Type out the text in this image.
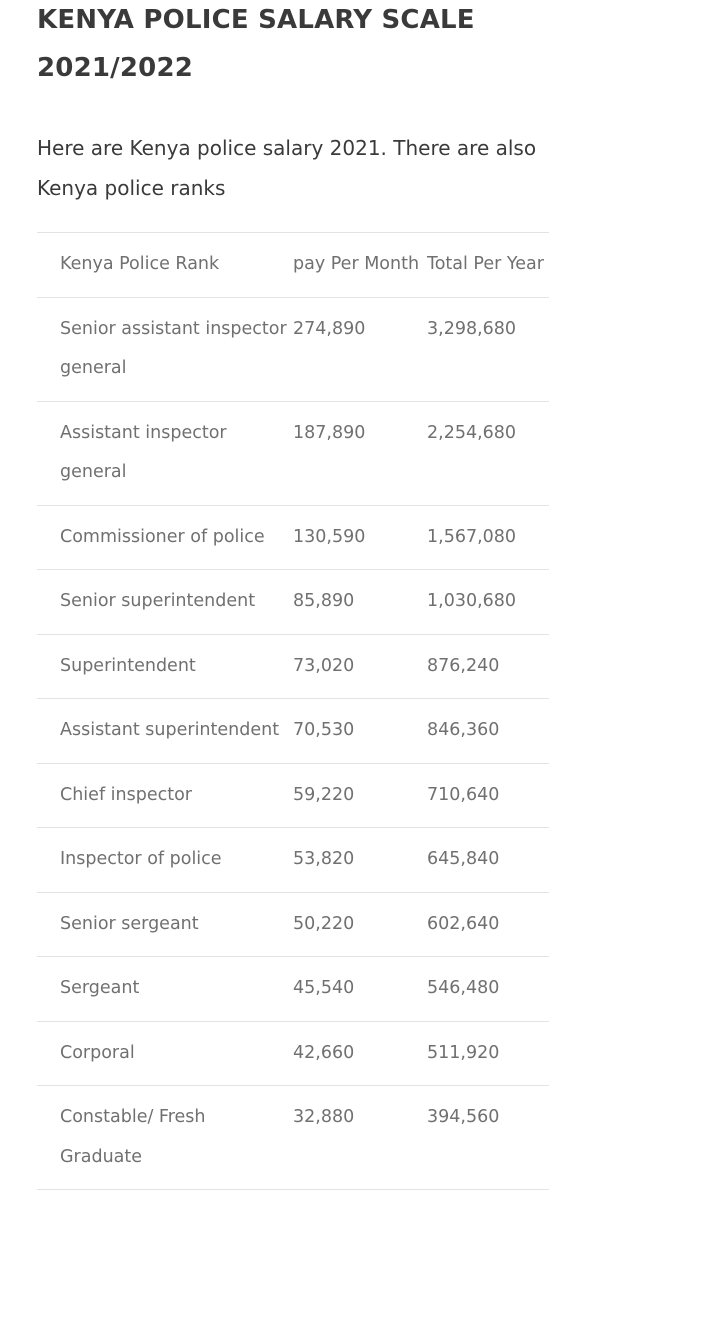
KENYA POLICE SALARY SCALE 2021/2022

Here are Kenya police salary 2021. There are also Kenya police ranks

Kenya Police Rank	pay Per Month	Total Per Year
Senior assistant inspector general	274,890	3,298,680
Assistant inspector general	187,890	2,254,680
Commissioner of police	130,590	1,567,080
Senior superintendent	85,890	1,030,680
Superintendent	73,020	876,240
Assistant superintendent	70,530	846,360
Chief inspector	59,220	710,640
Inspector of police	53,820	645,840
Senior sergeant	50,220	602,640
Sergeant	45,540	546,480
Corporal	42,660	511,920
Constable/ Fresh Graduate	32,880	394,560
